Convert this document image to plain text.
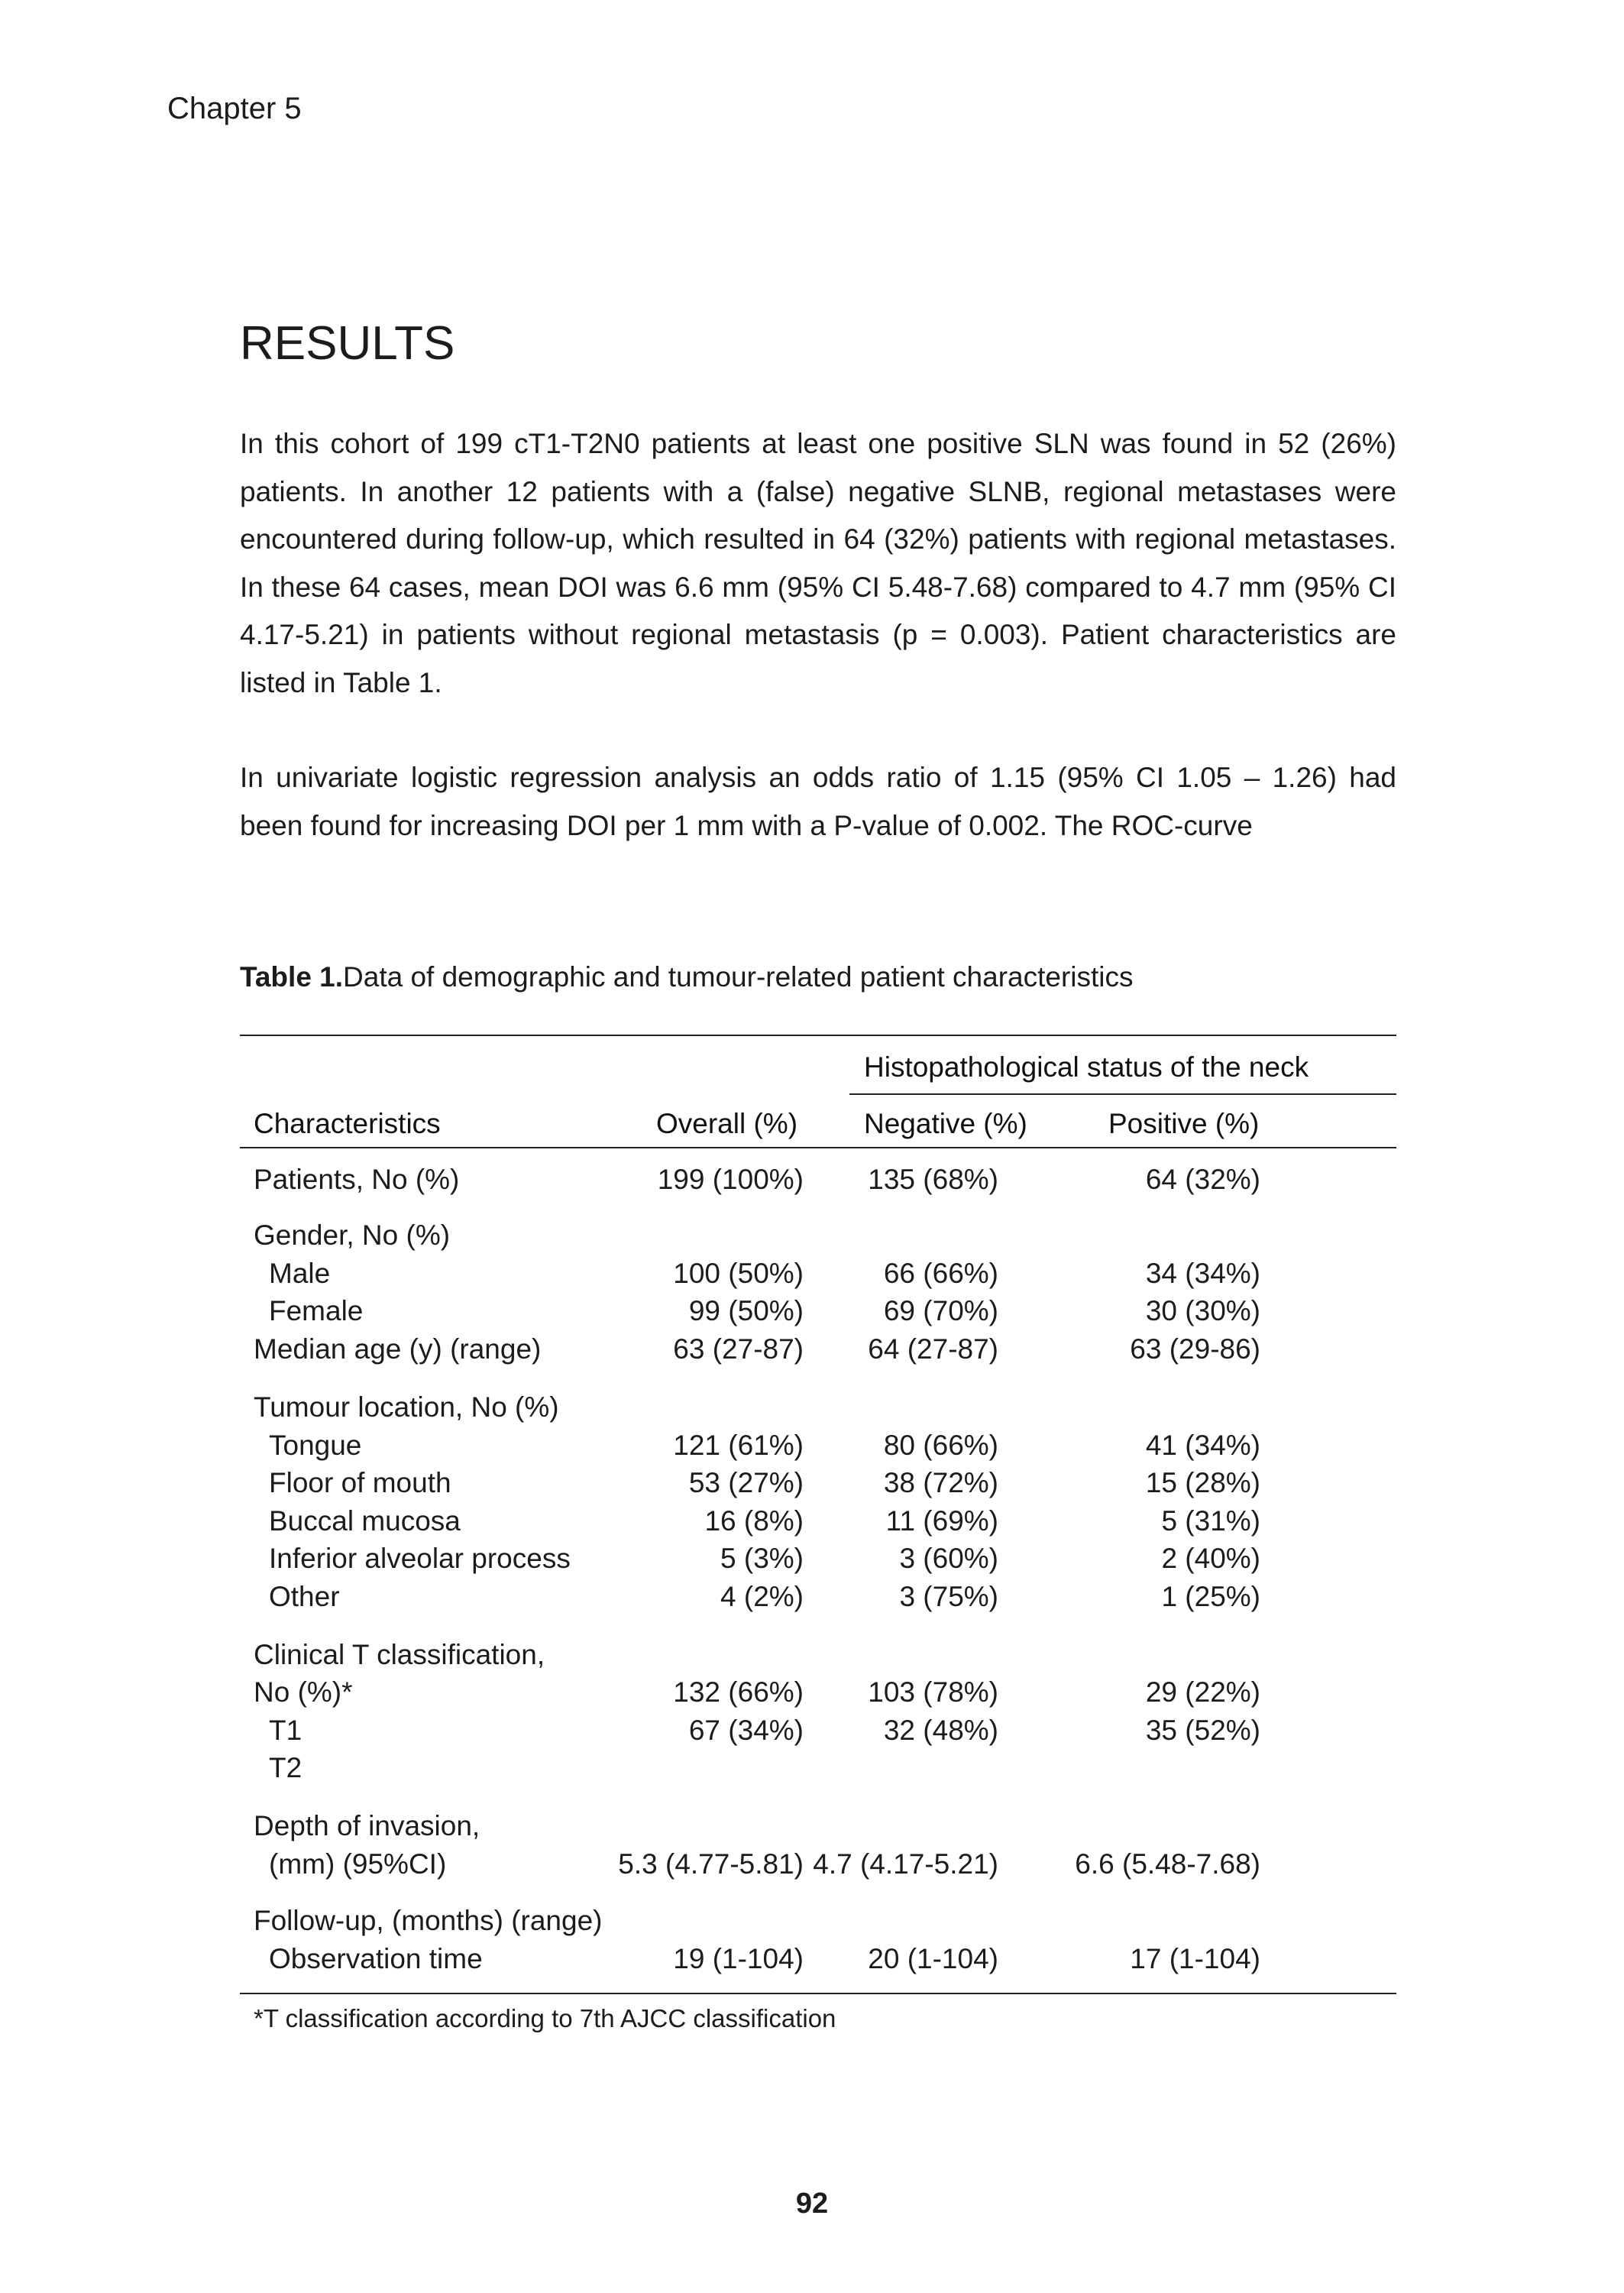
Chapter 5
RESULTS

In this cohort of 199 cT1-T2N0 patients at least one positive SLN was found in 52 (26%) patients. In another 12 patients with a (false) negative SLNB, regional metastases were encountered during follow-up, which resulted in 64 (32%) patients with regional metastases. In these 64 cases, mean DOI was 6.6 mm (95% CI 5.48-7.68) compared to 4.7 mm (95% CI 4.17-5.21) in patients without regional metastasis (p = 0.003). Patient characteristics are listed in Table 1.

In univariate logistic regression analysis an odds ratio of 1.15 (95% CI 1.05 – 1.26) had been found for increasing DOI per 1 mm with a P-value of 0.002. The ROC-curve

Table 1.Data of demographic and tumour-related patient characteristics
Histopathological status of the neck
Characteristics	Overall (%) Negative (%)	Positive (%)
Patients, No (%)	199 (100%) 135 (68%)	64 (32%)
Gender, No (%)
Male	100 (50%)	66 (66%)	34 (34%)
Female	99 (50%)	69 (70%)	30 (30%)
Median age (y) (range)	63 (27-87) 64 (27-87)	63 (29-86)
Tumour location, No (%)
Tongue	121 (61%)	80 (66%)	41 (34%)
Floor of mouth	53 (27%)	38 (72%)	15 (28%)
Buccal mucosa	16 (8%)	11 (69%)	5 (31%)
Inferior alveolar process	5 (3%)	3 (60%)	2 (40%)
Other	4 (2%)	3 (75%)	1 (25%)
Clinical T classification,
No (%)*	132 (66%) 103 (78%)	29 (22%)
T1	67 (34%)	32 (48%)	35 (52%)
T2
Depth of invasion,
(mm) (95%CI)	5.3 (4.77-5.81) 4.7 (4.17-5.21)	6.6 (5.48-7.68)
Follow-up, (months) (range)
Observation time	19 (1-104) 20 (1-104)	17 (1-104)
*T classification according to 7th AJCC classification
92
